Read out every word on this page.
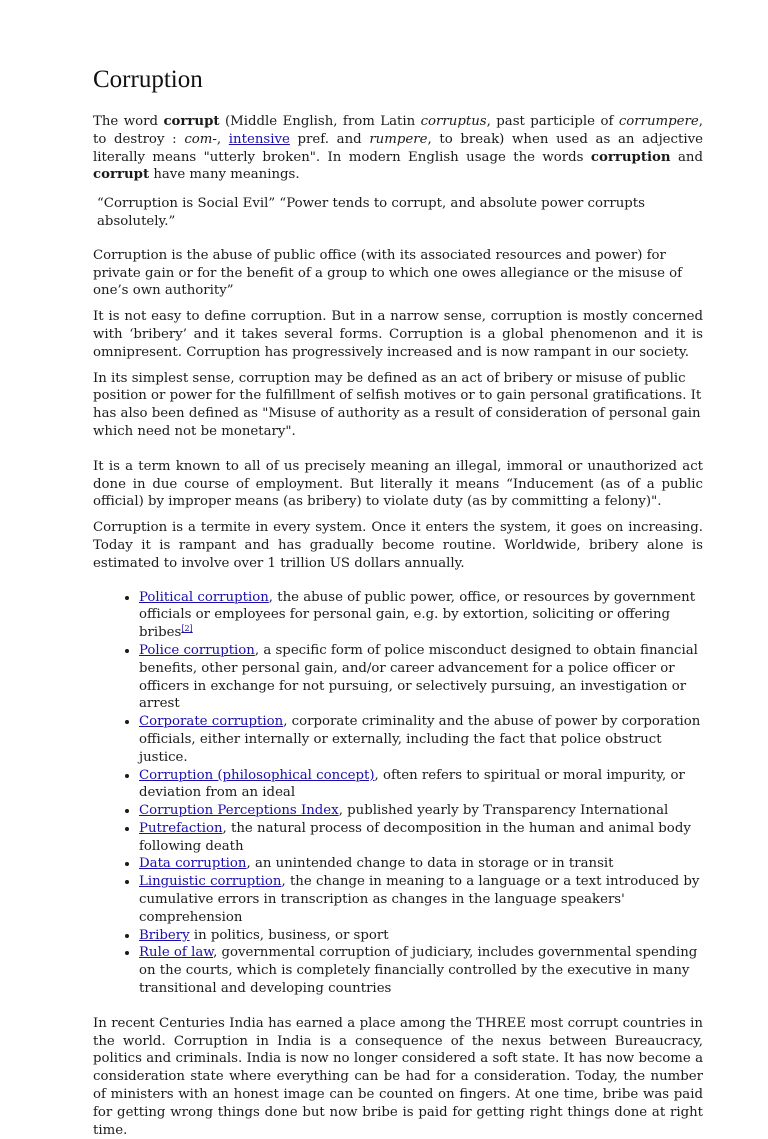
Corruption

The word corrupt (Middle English, from Latin corruptus, past participle of corrumpere, to destroy : com-, intensive pref. and rumpere, to break) when used as an adjective literally means "utterly broken". In modern English usage the words corruption and corrupt have many meanings.

“Corruption is Social Evil” “Power tends to corrupt, and absolute power corrupts absolutely.”

Corruption is the abuse of public office (with its associated resources and power) for private gain or for the benefit of a group to which one owes allegiance or the misuse of one’s own authority”

It is not easy to define corruption. But in a narrow sense, corruption is mostly concerned with ‘bribery’ and it takes several forms. Corruption is a global phenomenon and it is omnipresent. Corruption has progressively increased and is now rampant in our society.

In its simplest sense, corruption may be defined as an act of bribery or misuse of public position or power for the fulfillment of selfish motives or to gain personal gratifications. It has also been defined as "Misuse of authority as a result of consideration of personal gain which need not be monetary".

It is a term known to all of us precisely meaning an illegal, immoral or unauthorized act done in due course of employment. But literally it means “Inducement (as of a public official) by improper means (as bribery) to violate duty (as by committing a felony)".

Corruption is a termite in every system. Once it enters the system, it goes on increasing. Today it is rampant and has gradually become routine. Worldwide, bribery alone is estimated to involve over 1 trillion US dollars annually.

• Political corruption, the abuse of public power, office, or resources by government officials or employees for personal gain, e.g. by extortion, soliciting or offering bribes[2]
• Police corruption, a specific form of police misconduct designed to obtain financial benefits, other personal gain, and/or career advancement for a police officer or officers in exchange for not pursuing, or selectively pursuing, an investigation or arrest
• Corporate corruption, corporate criminality and the abuse of power by corporation officials, either internally or externally, including the fact that police obstruct justice.
• Corruption (philosophical concept), often refers to spiritual or moral impurity, or deviation from an ideal
• Corruption Perceptions Index, published yearly by Transparency International
• Putrefaction, the natural process of decomposition in the human and animal body following death
• Data corruption, an unintended change to data in storage or in transit
• Linguistic corruption, the change in meaning to a language or a text introduced by cumulative errors in transcription as changes in the language speakers' comprehension
• Bribery in politics, business, or sport
• Rule of law, governmental corruption of judiciary, includes governmental spending on the courts, which is completely financially controlled by the executive in many transitional and developing countries

In recent Centuries India has earned a place among the THREE most corrupt countries in the world. Corruption in India is a consequence of the nexus between Bureaucracy, politics and criminals. India is now no longer considered a soft state. It has now become a consideration state where everything can be had for a consideration. Today, the number of ministers with an honest image can be counted on fingers. At one time, bribe was paid for getting wrong things done but now bribe is paid for getting right things done at right time.
